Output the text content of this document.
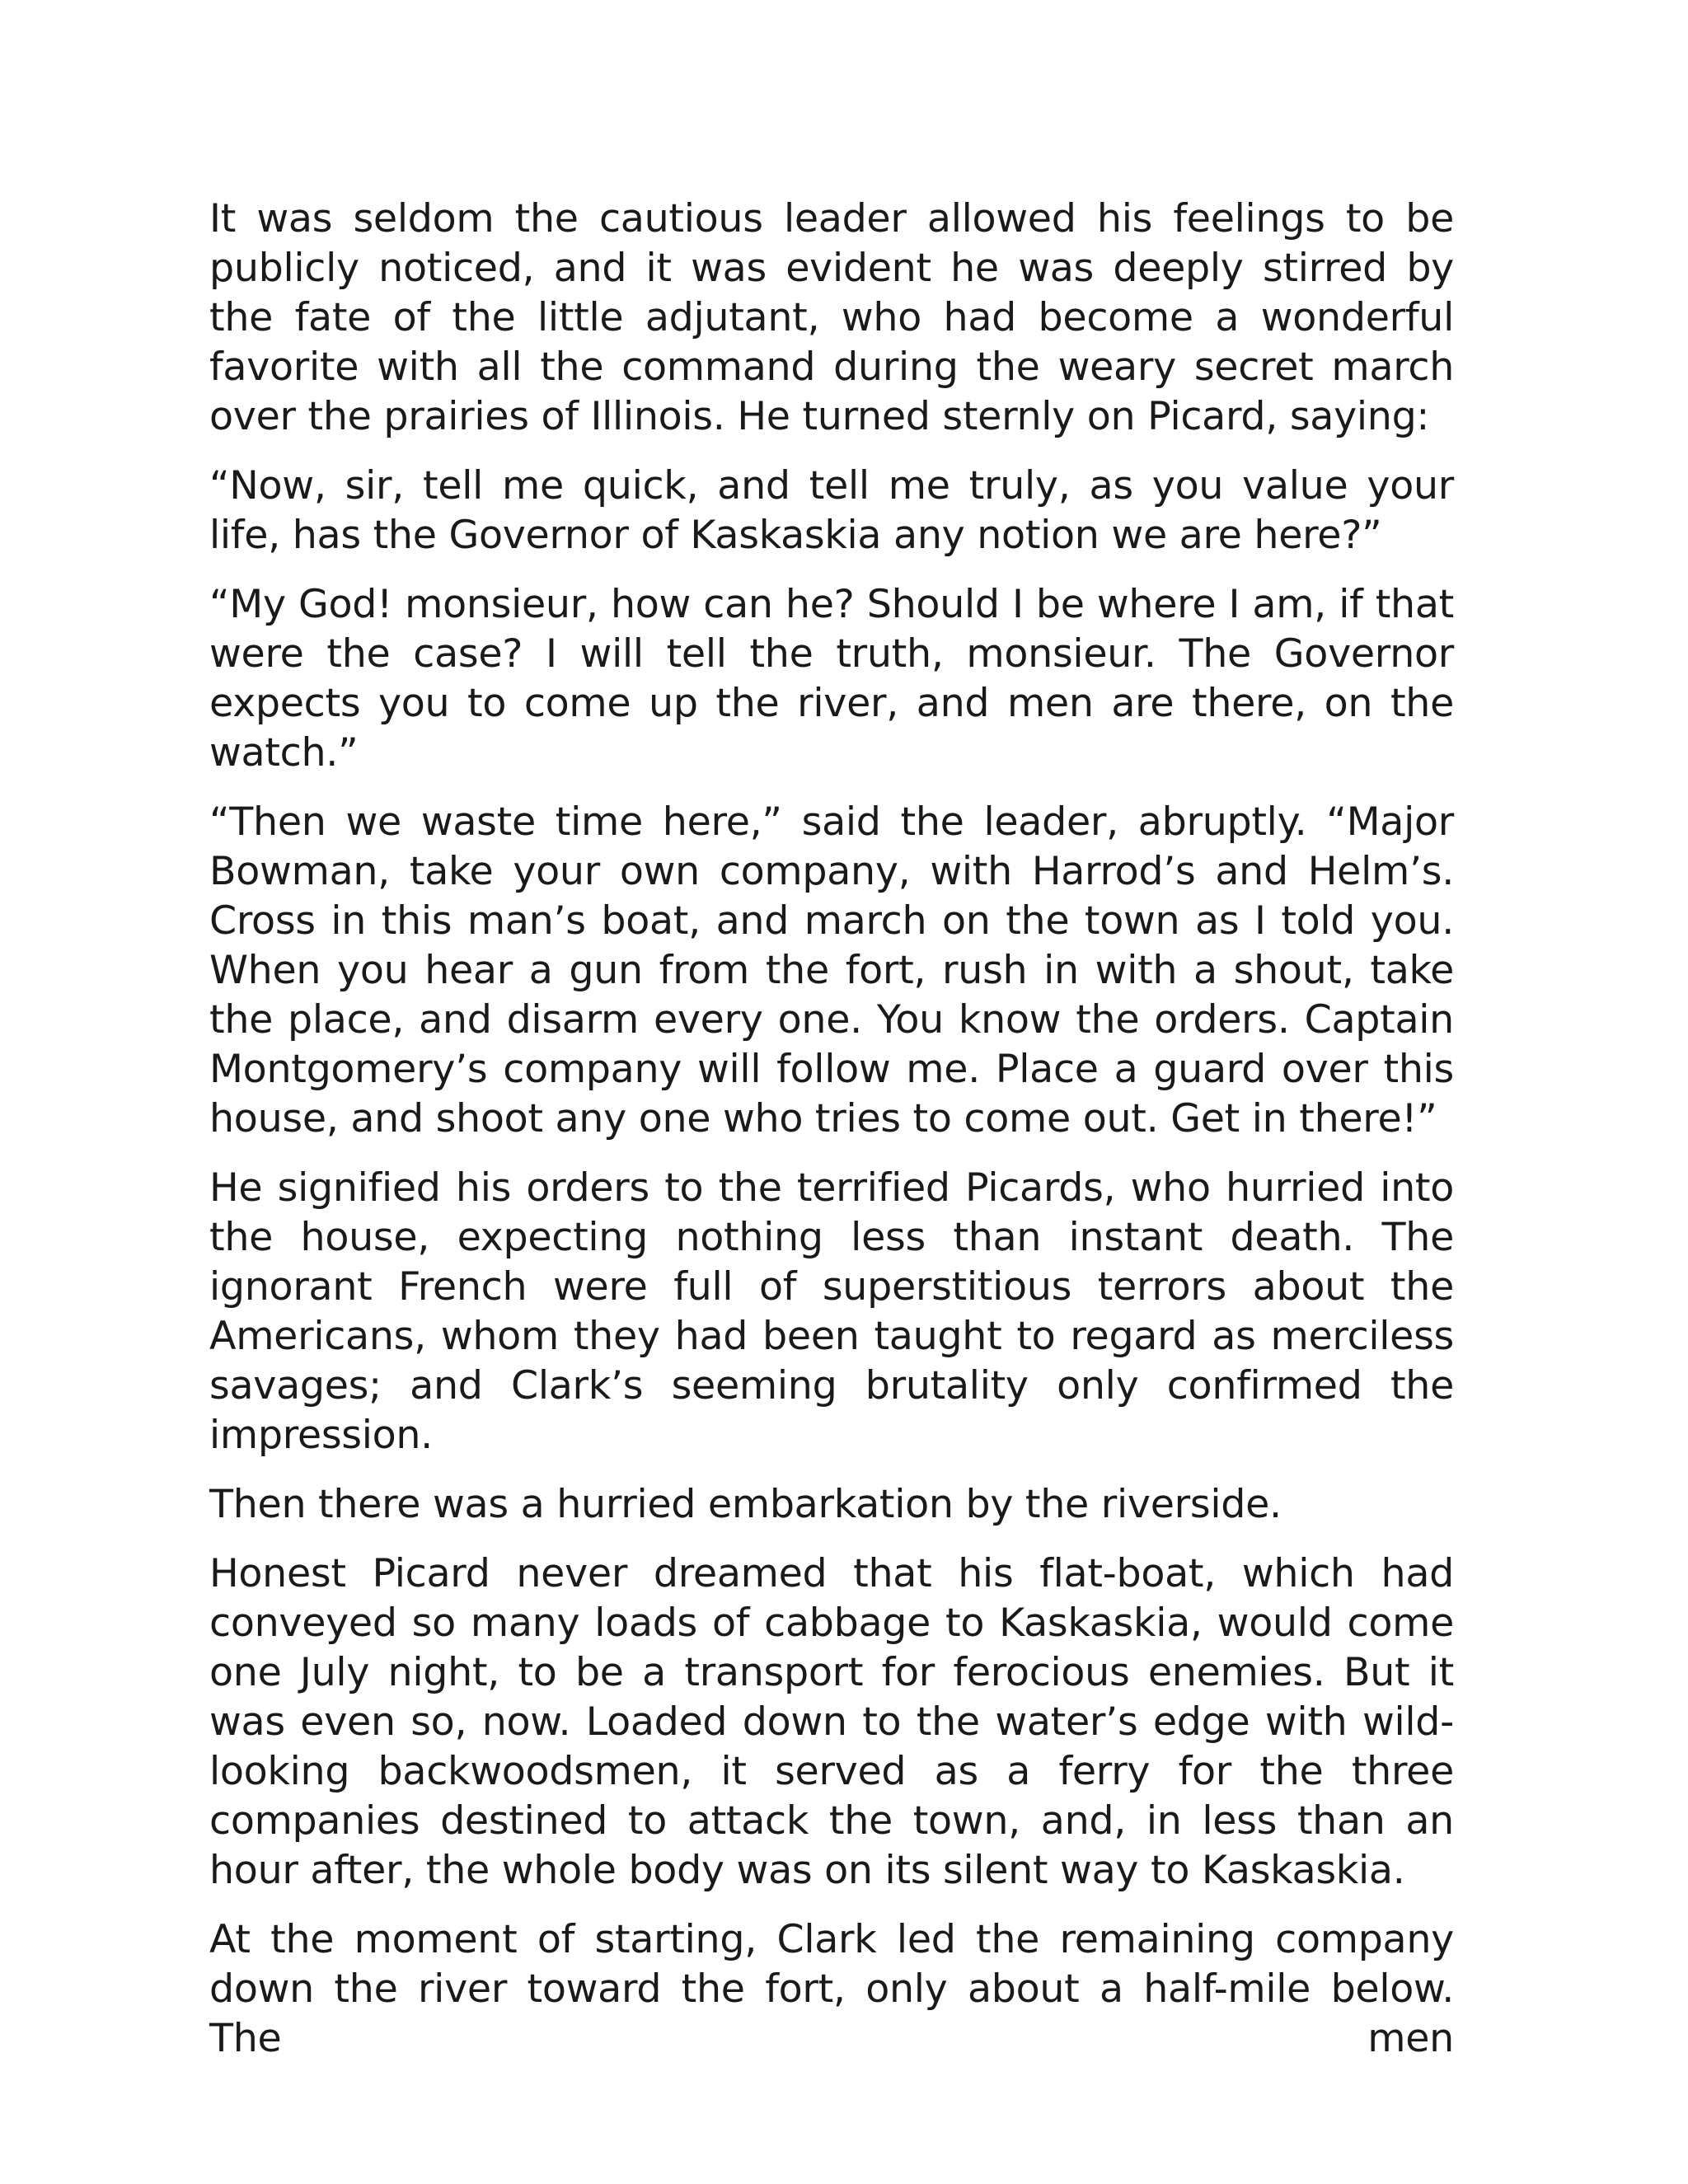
It was seldom the cautious leader allowed his feelings to be publicly noticed, and it was evident he was deeply stirred by the fate of the little adjutant, who had become a wonderful favorite with all the command during the weary secret march over the prairies of Illinois. He turned sternly on Picard, saying:

“Now, sir, tell me quick, and tell me truly, as you value your life, has the Governor of Kaskaskia any notion we are here?”

“My God! monsieur, how can he? Should I be where I am, if that were the case? I will tell the truth, monsieur. The Governor expects you to come up the river, and men are there, on the watch.”

“Then we waste time here,” said the leader, abruptly. “Major Bowman, take your own company, with Harrod’s and Helm’s. Cross in this man’s boat, and march on the town as I told you. When you hear a gun from the fort, rush in with a shout, take the place, and disarm every one. You know the orders. Captain Montgomery’s company will follow me. Place a guard over this house, and shoot any one who tries to come out. Get in there!”

He signified his orders to the terrified Picards, who hurried into the house, expecting nothing less than instant death. The ignorant French were full of superstitious terrors about the Americans, whom they had been taught to regard as merciless savages; and Clark’s seeming brutality only confirmed the impression.

Then there was a hurried embarkation by the riverside.

Honest Picard never dreamed that his flat-boat, which had conveyed so many loads of cabbage to Kaskaskia, would come one July night, to be a transport for ferocious enemies. But it was even so, now. Loaded down to the water’s edge with wild-looking backwoodsmen, it served as a ferry for the three companies destined to attack the town, and, in less than an hour after, the whole body was on its silent way to Kaskaskia.

At the moment of starting, Clark led the remaining company down the river toward the fort, only about a half-mile below. The men
